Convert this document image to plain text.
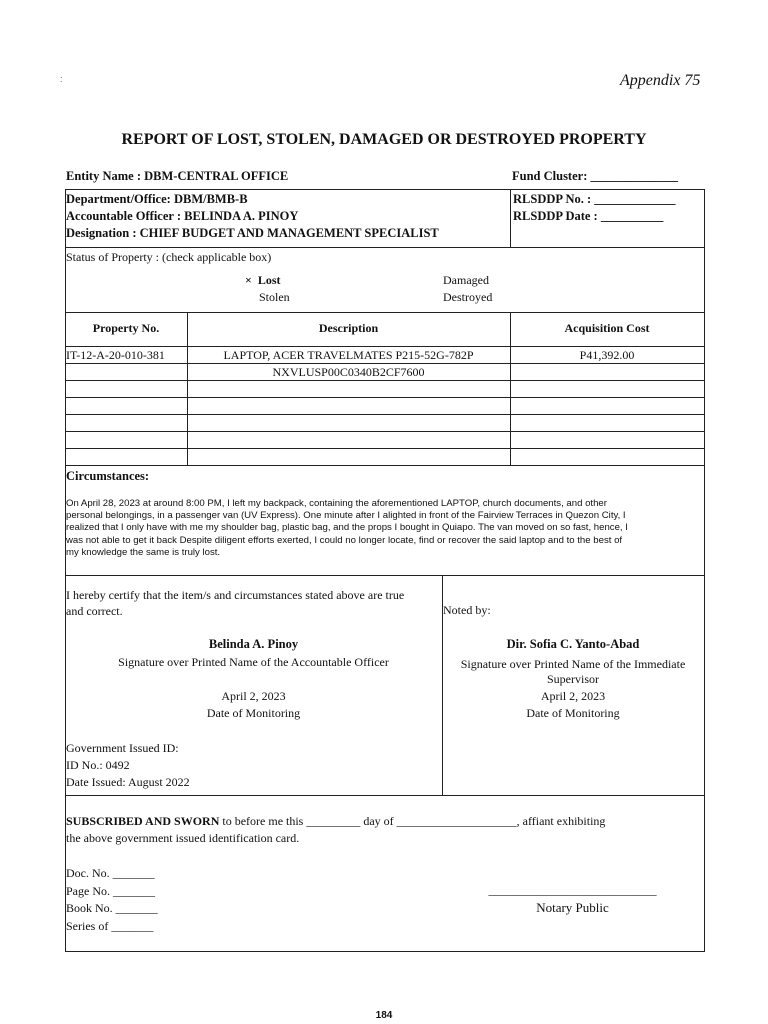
:	Appendix 75
REPORT OF LOST, STOLEN, DAMAGED OR DESTROYED PROPERTY
Entity Name : DBM-CENTRAL OFFICE	Fund Cluster: ______________
Department/Office: DBM/BMB-B
Accountable Officer : BELINDA A. PINOY
Designation : CHIEF BUDGET AND MANAGEMENT SPECIALIST
RLSDDP No. : _____________
RLSDDP Date : __________
Status of Property : (check applicable box)
× Lost
Stolen
Damaged
Destroyed
Property No.	Description	Acquisition Cost
IT-12-A-20-010-381	LAPTOP, ACER TRAVELMATES P215-52G-782P	P41,392.00
NXVLUSP00C0340B2CF7600
Circumstances:
On April 28, 2023 at around 8:00 PM, I left my backpack, containing the aforementioned LAPTOP, church documents, and other
personal belongings, in a passenger van (UV Express). One minute after I alighted in front of the Fairview Terraces in Quezon City, I
realized that I only have with me my shoulder bag, plastic bag, and the props I bought in Quiapo. The van moved on so fast, hence, I
was not able to get it back Despite diligent efforts exerted, I could no longer locate, find or recover the said laptop and to the best of
my knowledge the same is truly lost.
I hereby certify that the item/s and circumstances stated above are true
and correct.
Belinda A. Pinoy
Signature over Printed Name of the Accountable Officer
April 2, 2023
Date of Monitoring
Government Issued ID:
ID No.: 0492
Date Issued: August 2022
Noted by:
Dir. Sofia C. Yanto-Abad
Signature over Printed Name of the Immediate
Supervisor
April 2, 2023
Date of Monitoring
SUBSCRIBED AND SWORN to before me this _________ day of ____________________, affiant exhibiting
the above government issued identification card.
Doc. No. _______
Page No. _______
Book No. _______
Series of _______
____________________________
Notary Public
184
